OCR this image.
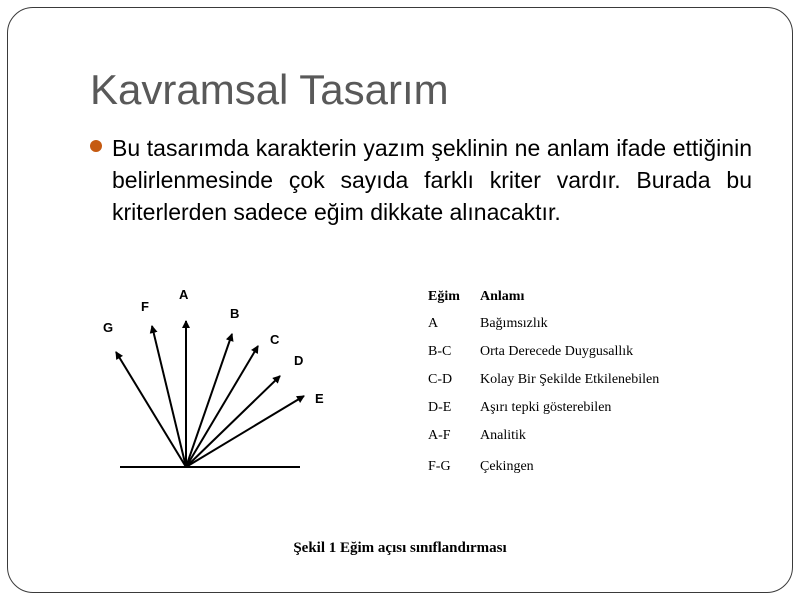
Kavramsal Tasarım
Bu tasarımda karakterin yazım şeklinin ne anlam ifade ettiğinin belirlenmesinde çok sayıda farklı kriter vardır. Burada bu kriterlerden sadece eğim dikkate alınacaktır.
G
F
A
B
C
D
E
Eğim	Anlamı
A	Bağımsızlık
B-C	Orta Derecede Duygusallık
C-D	Kolay Bir Şekilde Etkilenebilen
D-E	Aşırı tepki gösterebilen
A-F	Analitik
F-G	Çekingen
Şekil 1 Eğim açısı sınıflandırması
